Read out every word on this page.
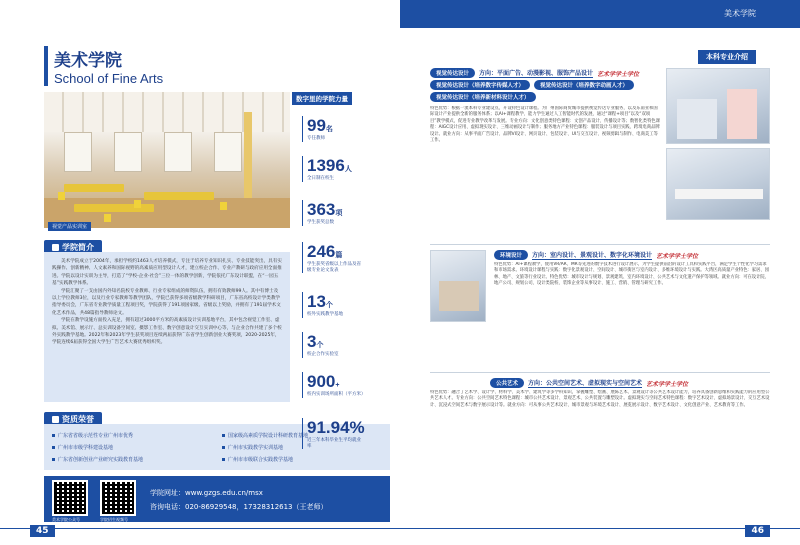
美术学院
美术学院
School of Fine Arts
视觉产品实训室
学院简介

美术学院成立于2004年，承担学校约1463人才培养模式，专注于培养专业知识扎实、专业技能突出，具有实践操作、创新精神、人文素养和国际视野的高素质应用型设计人才，建立校企合作、专业产教研与政府应用全面推进。学院以设计实训为主导，打造了“学校-企业-社会”三位一体的教学创新，学院依托广东设计联盟，在“一园五基”实践教学体系。

学院汇聚了一支由国内外知名院校专业教师、行业专家组成的师资队伍，拥有有效教师99人。其中有博士及以上学位教师3位，以及行业专家教师等教学团队，学院已获得多项省级教学科研项目，广东省高校设计学类教学指导委员会，广东省专业教学质量工程项目奖，学院获得了191项国家级、省级以上奖励，并拥有了191届学术文化艺术作品，共48篇指导教师论文。

学院在教学设施方面投入充足，拥有超过3000平方米的高素质设计实训基地平台，其中包含视觉工作室、虚拟、美术馆、展示厅、总实训设备空间室、摄影工作室、数字创意设计交互实训中心等，与企业合作共建了多个校外实践教学基地。2022年和2023年学生获奖项目连续两届获得广东省学生创新创业大赛奖项，2020-2025年，学院连续6届获得全国大学生广告艺术大赛优秀组织奖。

资质荣誉
广东省省级示范性专业广州市优秀	国家级高素质学院设计科研教育基地
广州市市级学科建设基地	广州市实践教学实训基地
广东省创新创业产业研究实践教育基地	广州市市级联合实践教学基地
数字里的学院力量
99名
专任教师
1396人
全日制在校生
363项
学生获奖总数
246篇
学生获奖省级以上作品及省级专业论文发表
13个
校外实践教学基地
3个
校企合作实验室
900+
校内实训场所面积（平方米）
91.94%
近三年本科毕业生平均就业率
美术学院公众号	学院招生视频号
学院网址：www.gzgs.edu.cn/msx
咨询电话：020-86929548，17328312613（王老师）
45
本科专业介绍
视觉传达设计	方向：平面广告、动漫影视、服饰产品设计 艺术学学士学位
视觉传达设计（培养数字传媒人才）	视觉传达设计（培养数字动画人才）
视觉传达设计（培养新材料设计人才）
特色优势：根据一流本科专业建设点，开设特色设计课程。为广州国际商贸城市提供视觉传达专业服务，以及东南亚和国际设计产业提供全新的服务体系；以AI+课程教学、能力学生通过人工智能时代的发展，通过“课程+项目”以及“双项目”教学模式，促进专业教学改革与发展。专业方向：文化创意类特色课程：文创产品设计、传播设计等；数智化类特色课程：AIGC设计应用、虚拟现实设计、三维动画设计与制作；服务地方产业特色课程：服装设计与项目实践、跨境电商品牌设计。就业方向：从事平面广告设计、品牌VI设计、网页设计、包装设计、UI与交互设计、视频剪辑与制作、电商美工等工作。
环境设计	方向：室内设计、景观设计、数字化环境设计 艺术学学士学位
特色优势：AI+课程教学，使用VR/AR、MR等先进的数字技术进行设计展示，为学生提供前沿的设计工具和实践平台，满足学生个性化学习需求和市场需求。环境设计课程与实践：数字化景观设计、空间设计、城市街区与室内设计、多维环境设计与实践。大湾区高质量产业特色：家居、园林、地产、文旅等行业设计。特色优势：城市设计与规划、景观建筑、室内环境设计、公共艺术与文化遗产保护等领域。就业方向：可在设计院、地产公司、规划公司、设计类院校、装饰企业等从事设计、施工、营销、管理与研究工作。
公共艺术	方向：公共空间艺术、虚拟现实与空间艺术 艺术学学士学位
特色优势：融合了艺术学、设计学、材料学、美术学、建筑学等多学科知识，掌握雕塑、绘画、展陈艺术、景观设计等公共艺术设计能力，培养具备创新思维和实践能力的应用型公共艺术人才。专业方向：公共空间艺术特色课程：城市公共艺术设计、景观艺术、公共装置与雕塑设计。虚拟现实与空间艺术特色课程：数字艺术设计、虚拟场景设计、交互艺术设计、沉浸式空间艺术与数字展示设计等。就业方向：可从事公共艺术设计、城市景观与环境艺术设计、展览展示设计、数字艺术设计、文化创意产业、艺术教育等工作。
46
